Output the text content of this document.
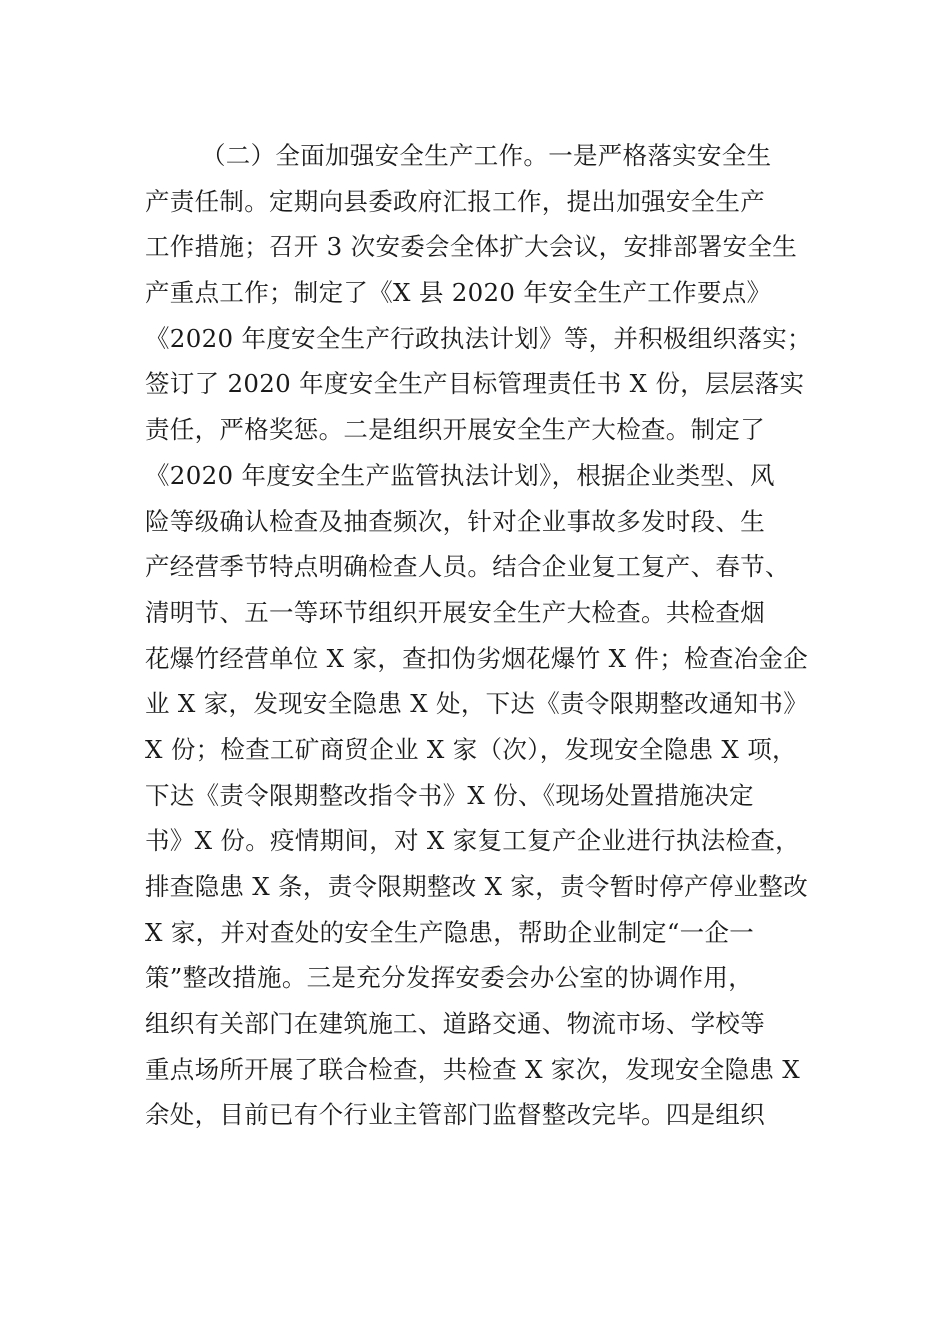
（二）全面加强安全生产工作。一是严格落实安全生
产责任制。定期向县委政府汇报工作，提出加强安全生产
工作措施；召开 3 次安委会全体扩大会议，安排部署安全生
产重点工作；制定了《X 县 2020 年安全生产工作要点》
《2020 年度安全生产行政执法计划》等，并积极组织落实；
签订了 2020 年度安全生产目标管理责任书 X 份，层层落实
责任，严格奖惩。二是组织开展安全生产大检查。制定了
《2020 年度安全生产监管执法计划》，根据企业类型、风
险等级确认检查及抽查频次，针对企业事故多发时段、生
产经营季节特点明确检查人员。结合企业复工复产、春节、
清明节、五一等环节组织开展安全生产大检查。共检查烟
花爆竹经营单位 X 家，查扣伪劣烟花爆竹 X 件；检查冶金企
业 X 家，发现安全隐患 X 处，下达《责令限期整改通知书》
X 份；检查工矿商贸企业 X 家（次），发现安全隐患 X 项，
下达《责令限期整改指令书》X 份、《现场处置措施决定
书》X 份。疫情期间，对 X 家复工复产企业进行执法检查，
排查隐患 X 条，责令限期整改 X 家，责令暂时停产停业整改
X 家，并对查处的安全生产隐患，帮助企业制定“一企一
策”整改措施。三是充分发挥安委会办公室的协调作用，
组织有关部门在建筑施工、道路交通、物流市场、学校等
重点场所开展了联合检查，共检查 X 家次，发现安全隐患 X
余处，目前已有个行业主管部门监督整改完毕。四是组织
